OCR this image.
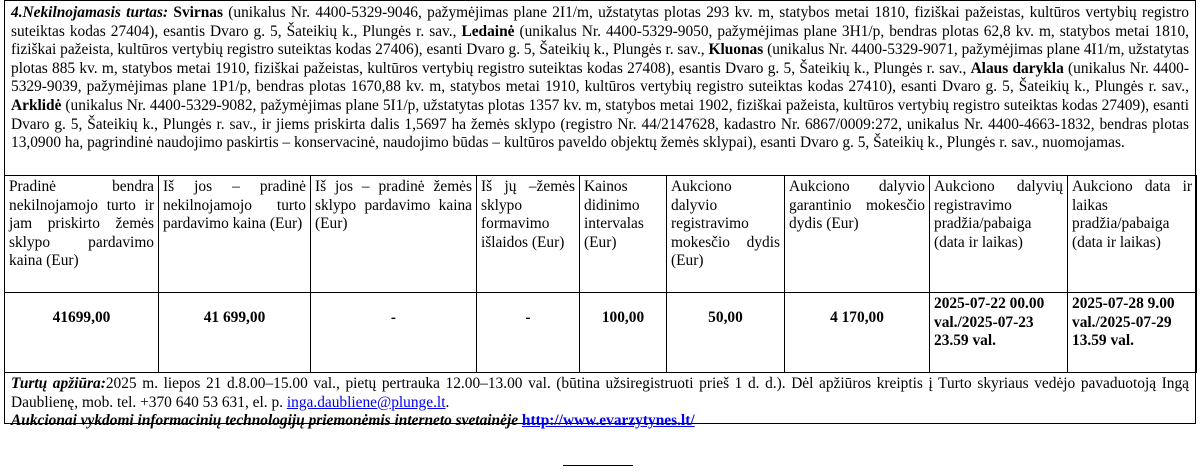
4.Nekilnojamasis turtas: Svirnas (unikalus Nr. 4400-5329-9046, pažymėjimas plane 2I1/m, užstatytas plotas 293 kv. m, statybos metai 1810, fiziškai pažeistas, kultūros vertybių registro suteiktas kodas 27404), esantis Dvaro g. 5, Šateikių k., Plungės r. sav., Ledainė (unikalus Nr. 4400-5329-9050, pažymėjimas plane 3H1/p, bendras plotas 62,8 kv. m, statybos metai 1810, fiziškai pažeista, kultūros vertybių registro suteiktas kodas 27406), esanti Dvaro g. 5, Šateikių k., Plungės r. sav., Kluonas (unikalus Nr. 4400-5329-9071, pažymėjimas plane 4I1/m, užstatytas plotas 885 kv. m, statybos metai 1910, fiziškai pažeistas, kultūros vertybių registro suteiktas kodas 27408), esantis Dvaro g. 5, Šateikių k., Plungės r. sav., Alaus darykla (unikalus Nr. 4400-5329-9039, pažymėjimas plane 1P1/p, bendras plotas 1670,88 kv. m, statybos metai 1910, kultūros vertybių registro suteiktas kodas 27410), esanti Dvaro g. 5, Šateikių k., Plungės r. sav., Arklidė (unikalus Nr. 4400-5329-9082, pažymėjimas plane 5I1/p, užstatytas plotas 1357 kv. m, statybos metai 1902, fiziškai pažeista, kultūros vertybių registro suteiktas kodas 27409), esanti Dvaro g. 5, Šateikių k., Plungės r. sav., ir jiems priskirta dalis 1,5697 ha žemės sklypo (registro Nr. 44/2147628, kadastro Nr. 6867/0009:272, unikalus Nr. 4400-4663-1832, bendras plotas 13,0900 ha, pagrindinė naudojimo paskirtis – konservacinė, naudojimo būdas – kultūros paveldo objektų žemės sklypai), esanti Dvaro g. 5, Šateikių k., Plungės r. sav., nuomojamas.
Pradinė bendra nekilnojamojo turto ir jam priskirto žemės sklypo pardavimo kaina (Eur)	Iš jos – pradinė nekilnojamojo turto pardavimo kaina (Eur)	Iš jos – pradinė žemės sklypo pardavimo kaina (Eur)	Iš jų –žemės sklypo formavimo išlaidos (Eur)	Kainos didinimo intervalas (Eur)	Aukciono dalyvio registravimo mokesčio dydis (Eur)	Aukciono dalyvio garantinio mokesčio dydis (Eur)	Aukciono dalyvių registravimo pradžia/pabaiga (data ir laikas)	Aukciono data ir laikas pradžia/pabaiga (data ir laikas)
41699,00	41 699,00	-	-	100,00	50,00	4 170,00	2025-07-22 00.00 val./2025-07-23 23.59 val.	2025-07-28 9.00 val./2025-07-29 13.59 val.
Turtų apžiūra:2025 m. liepos 21 d.8.00–15.00 val., pietų pertrauka 12.00–13.00 val. (būtina užsiregistruoti prieš 1 d. d.). Dėl apžiūros kreiptis į Turto skyriaus vedėjo pavaduotoją Ingą Daublienę, mob. tel. +370 640 53 631, el. p. inga.daubliene@plunge.lt.
Aukcionai vykdomi informacinių technologijų priemonėmis interneto svetainėje http://www.evarzytynes.lt/
